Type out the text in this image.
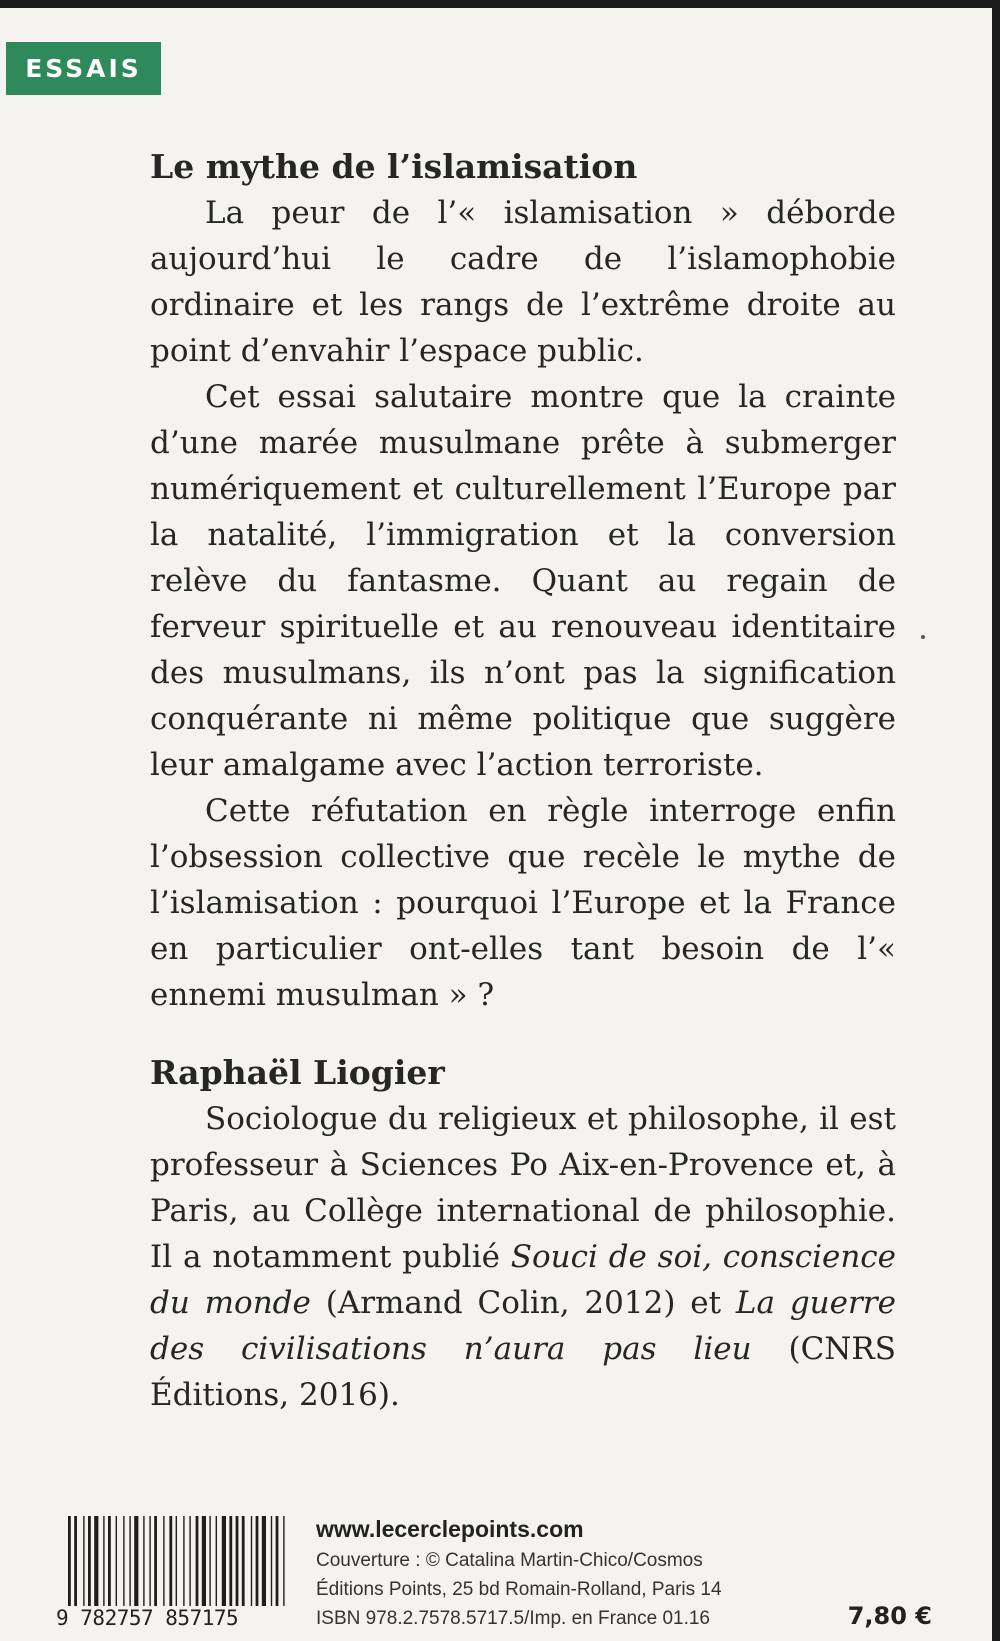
ESSAIS
Le mythe de l’islamisation

La peur de l’« islamisation » déborde aujourd’hui le cadre de l’islamophobie ordinaire et les rangs de l’extrême droite au point d’envahir l’espace public.

Cet essai salutaire montre que la crainte d’une marée musulmane prête à submerger numériquement et culturellement l’Europe par la natalité, l’immigration et la conversion relève du fantasme. Quant au regain de ferveur spirituelle et au renouveau identitaire des musulmans, ils n’ont pas la signification conquérante ni même politique que suggère leur amalgame avec l’action terroriste.

Cette réfutation en règle interroge enfin l’obsession collective que recèle le mythe de l’islamisation : pourquoi l’Europe et la France en particulier ont-elles tant besoin de l’« ennemi musulman » ?

Raphaël Liogier

Sociologue du religieux et philosophe, il est professeur à Sciences Po Aix-en-Provence et, à Paris, au Collège international de philosophie. Il a notamment publié Souci de soi, conscience du monde (Armand Colin, 2012) et La guerre des civilisations n’aura pas lieu (CNRS Éditions, 2016).

9 782757 857175
www.lecerclepoints.com
Couverture : © Catalina Martin-Chico/Cosmos
Éditions Points, 25 bd Romain-Rolland, Paris 14
ISBN 978.2.7578.5717.5/Imp. en France 01.16	7,80 €
